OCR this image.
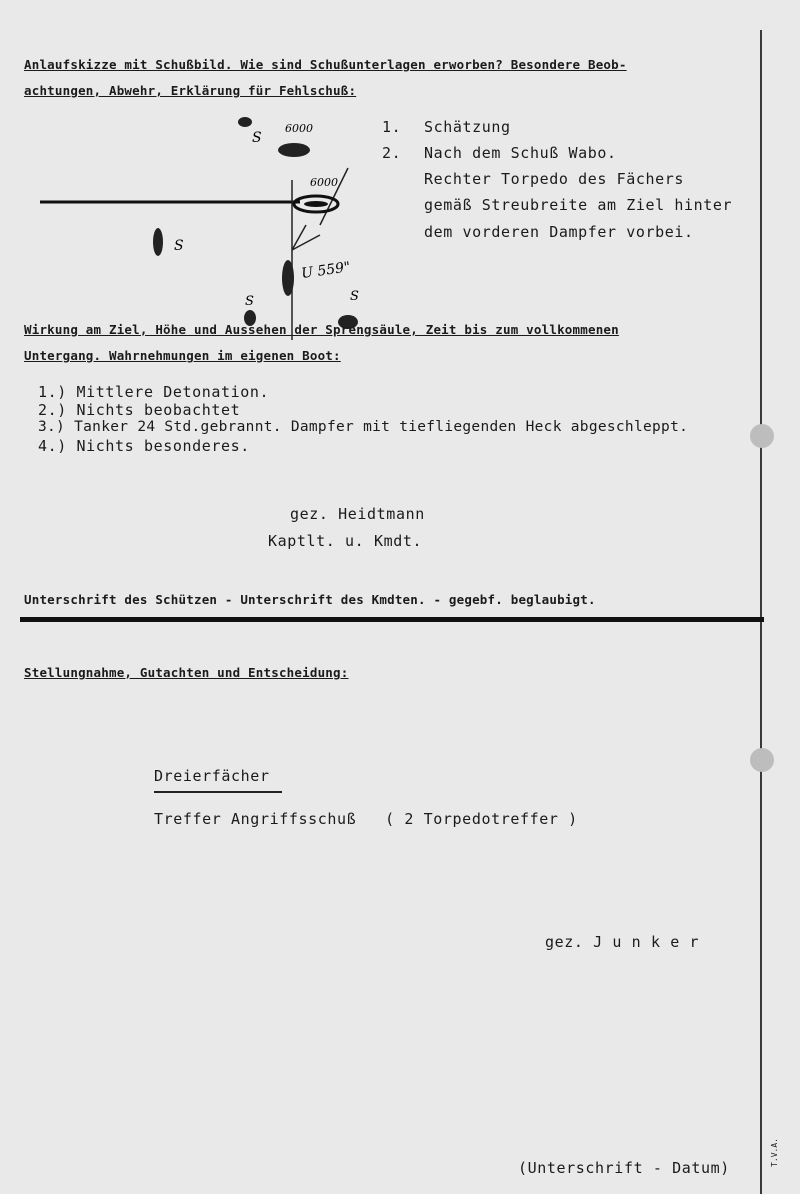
Anlaufskizze mit Schußbild. Wie sind Schußunterlagen erworben? Besondere Beob-
achtungen, Abwehr, Erklärung für Fehlschuß:
S
6000
6000
S
S	S
U 559"
1. Schätzung
2. Nach dem Schuß Wabo.
Rechter Torpedo des Fächers
gemäß Streubreite am Ziel hinter
dem vorderen Dampfer vorbei.
Wirkung am Ziel, Höhe und Aussehen der Sprengsäule, Zeit bis zum vollkommenen
Untergang. Wahrnehmungen im eigenen Boot:
1.) Mittlere Detonation.
2.) Nichts beobachtet
3.) Tanker 24 Std.gebrannt. Dampfer mit tiefliegenden Heck abgeschleppt.
4.) Nichts besonderes.
gez. Heidtmann
Kaptlt. u. Kmdt.
Unterschrift des Schützen - Unterschrift des Kmdten. - gegebf. beglaubigt.
Stellungnahme, Gutachten und Entscheidung:
Dreierfächer
Treffer Angriffsschuß   ( 2 Torpedotreffer )
gez. J u n k e r
(Unterschrift - Datum)
T.V.A.
